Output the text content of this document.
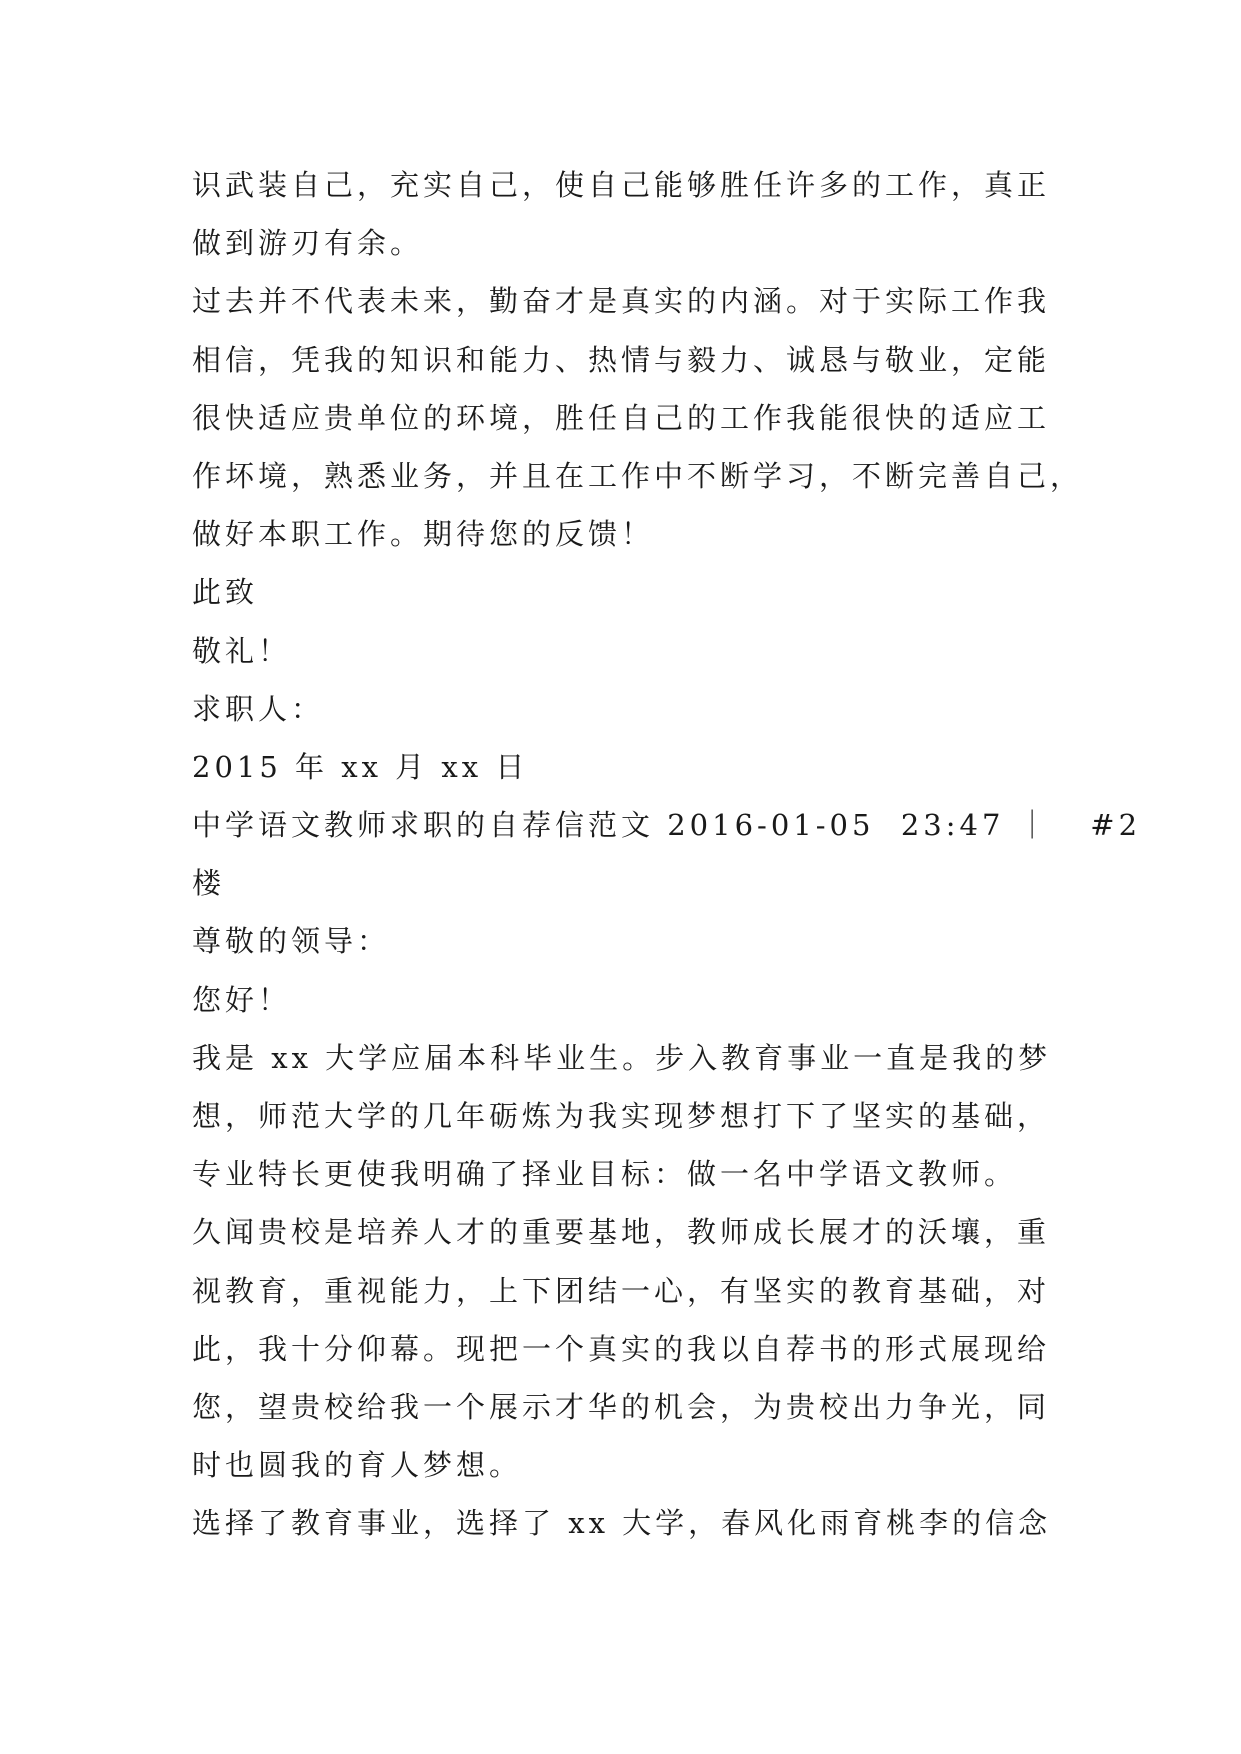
识武装自己，充实自己，使自己能够胜任许多的工作，真正
做到游刃有余。
过去并不代表未来，勤奋才是真实的内涵。对于实际工作我
相信，凭我的知识和能力、热情与毅力、诚恳与敬业，定能
很快适应贵单位的环境，胜任自己的工作我能很快的适应工
作坏境，熟悉业务，并且在工作中不断学习，不断完善自己，
做好本职工作。期待您的反馈！
此致
敬礼！
求职人：
2015 年 xx 月 xx 日
中学语文教师求职的自荐信范文 2016-01-05  23:47 ｜   #2
楼
尊敬的领导：
您好！
我是 xx 大学应届本科毕业生。步入教育事业一直是我的梦
想，师范大学的几年砺炼为我实现梦想打下了坚实的基础，
专业特长更使我明确了择业目标：做一名中学语文教师。
久闻贵校是培养人才的重要基地，教师成长展才的沃壤，重
视教育，重视能力，上下团结一心，有坚实的教育基础，对
此，我十分仰幕。现把一个真实的我以自荐书的形式展现给
您，望贵校给我一个展示才华的机会，为贵校出力争光，同
时也圆我的育人梦想。
选择了教育事业，选择了 xx 大学，春风化雨育桃李的信念
